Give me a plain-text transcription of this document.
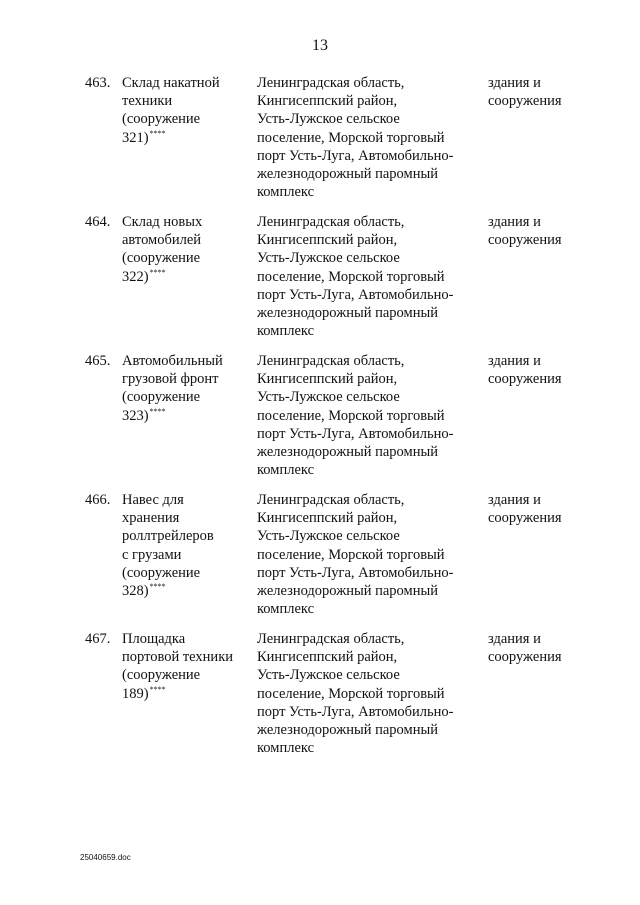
13
463. Склад накатной
техники
(сооружение
321)****
Ленинградская область,
Кингисеппский район,
Усть-Лужское сельское
поселение, Морской торговый
порт Усть-Луга, Автомобильно-
железнодорожный паромный
комплекс
здания и
сооружения
464. Склад новых
автомобилей
(сооружение
322)****
Ленинградская область,
Кингисеппский район,
Усть-Лужское сельское
поселение, Морской торговый
порт Усть-Луга, Автомобильно-
железнодорожный паромный
комплекс
здания и
сооружения
465. Автомобильный
грузовой фронт
(сооружение
323)****
Ленинградская область,
Кингисеппский район,
Усть-Лужское сельское
поселение, Морской торговый
порт Усть-Луга, Автомобильно-
железнодорожный паромный
комплекс
здания и
сооружения
466. Навес для
хранения
роллтрейлеров
с грузами
(сооружение
328)****
Ленинградская область,
Кингисеппский район,
Усть-Лужское сельское
поселение, Морской торговый
порт Усть-Луга, Автомобильно-
железнодорожный паромный
комплекс
здания и
сооружения
467. Площадка
портовой техники
(сооружение
189)****
Ленинградская область,
Кингисеппский район,
Усть-Лужское сельское
поселение, Морской торговый
порт Усть-Луга, Автомобильно-
железнодорожный паромный
комплекс
здания и
сооружения
25040659.doc
